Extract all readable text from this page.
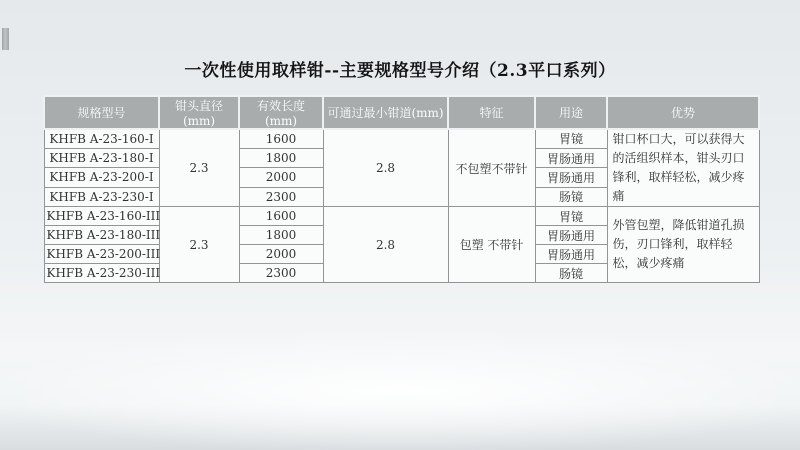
一次性使用取样钳--主要规格型号介绍（2.3平口系列）
规格型号	钳头直径(mm)	有效长度(mm)	可通过最小钳道(mm)	特征	用途	优势
KHFB A-23-160-I	2.3	1600	2.8	不包塑不带针	胃镜	钳口杯口大，可以获得大的活组织样本，钳头刃口锋利，取样轻松，减少疼痛
KHFB A-23-180-I		1800			胃肠通用	
KHFB A-23-200-I		2000			胃肠通用	
KHFB A-23-230-I		2300			肠镜	
KHFB A-23-160-III	2.3	1600	2.8	包塑 不带针	胃镜	外管包塑，降低钳道孔损伤，刃口锋利，取样轻松，减少疼痛
KHFB A-23-180-III		1800			胃肠通用	
KHFB A-23-200-III		2000			胃肠通用	
KHFB A-23-230-III		2300			肠镜	
